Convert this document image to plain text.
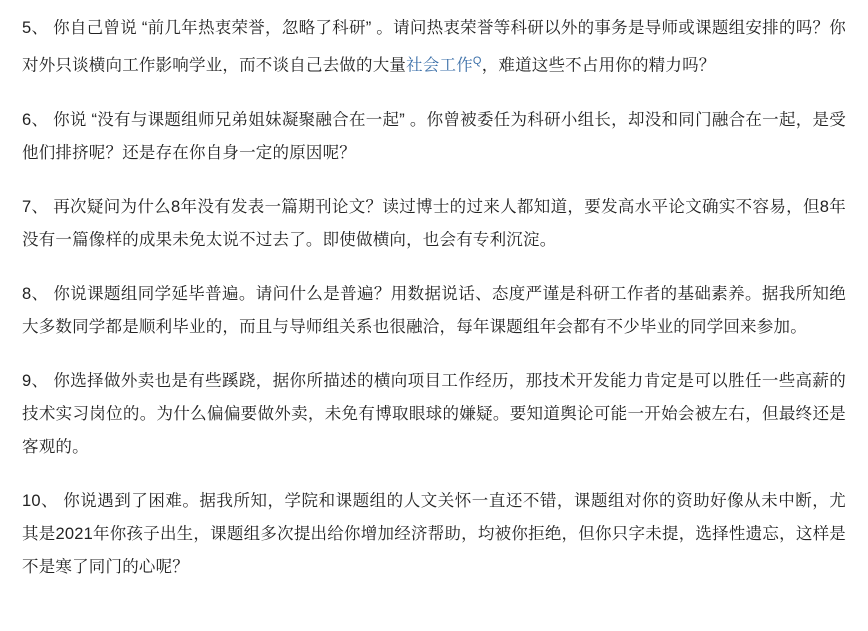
5、 你自己曾说 “前几年热衷荣誉，忽略了科研” 。请问热衷荣誉等科研以外的事务是导师或课题组安排的吗？你对外只谈横向工作影响学业，而不谈自己去做的大量社会工作$^Q$，难道这些不占用你的精力吗？

6、 你说 “没有与课题组师兄弟姐妹凝聚融合在一起” 。你曾被委任为科研小组长，却没和同门融合在一起，是受他们排挤呢？还是存在你自身一定的原因呢？

7、 再次疑问为什么8年没有发表一篇期刊论文？读过博士的过来人都知道，要发高水平论文确实不容易，但8年没有一篇像样的成果未免太说不过去了。即使做横向，也会有专利沉淀。

8、 你说课题组同学延毕普遍。请问什么是普遍？用数据说话、态度严谨是科研工作者的基础素养。据我所知绝大多数同学都是顺利毕业的，而且与导师组关系也很融洽，每年课题组年会都有不少毕业的同学回来参加。

9、 你选择做外卖也是有些蹊跷，据你所描述的横向项目工作经历，那技术开发能力肯定是可以胜任一些高薪的技术实习岗位的。为什么偏偏要做外卖，未免有博取眼球的嫌疑。要知道舆论可能一开始会被左右，但最终还是客观的。

10、 你说遇到了困难。据我所知，学院和课题组的人文关怀一直还不错，课题组对你的资助好像从未中断，尤其是2021年你孩子出生，课题组多次提出给你增加经济帮助，均被你拒绝，但你只字未提，选择性遗忘，这样是不是寒了同门的心呢？
